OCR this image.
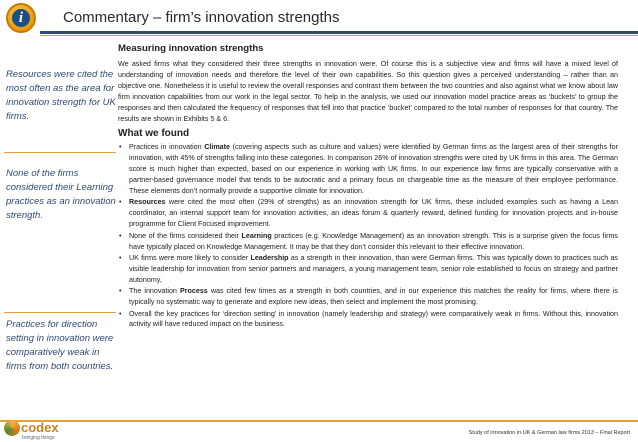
i	Commentary – firm’s innovation strengths
Resources were cited the most often as the area for innovation strength for UK firms.
None of the firms considered their Learning practices as an innovation strength.
Practices for direction setting in innovation were comparatively weak in firms from both countries.
Measuring innovation strengths
We asked firms what they considered their three strengths in innovation were. Of course this is a subjective view and firms will have a mixed level of understanding of innovation needs and therefore the level of their own capabilities. So this question gives a perceived understanding – rather than an objective one. Nonetheless it is useful to review the overall responses and contrast them between the two countries and also against what we know about law firm innovation capabilities from our work in the legal sector. To help in the analysis, we used our innovation model practice areas as ‘buckets’ to group the responses and then calculated the frequency of responses that fell into that practice ‘bucket’ compared to the total number of responses for that country. The results are shown in Exhibits 5 & 6.
What we found
• Practices in innovation Climate (covering aspects such as culture and values) were identified by German firms as the largest area of their strengths for innovation, with 45% of strengths falling into these categories. In comparison 26% of innovation strengths were cited by UK firms in this area. The German score is much higher than expected, based on our experience in working with UK firms. In our experience law firms are typically conservative with a partner-based governance model that tends to be autocratic and a primary focus on chargeable time as the measure of their employee performance. These elements don’t normally provide a supportive climate for innovation.
• Resources were cited the most often (29% of strengths) as an innovation strength for UK firms, these included examples such as having a Lean coordinator, an internal support team for innovation activities, an ideas forum & quarterly reward, defined funding for innovation projects and in-house programme for Client Focused improvement.
• None of the firms considered their Learning practices (e.g. Knowledge Management) as an innovation strength. This is a surprise given the focus firms have typically placed on Knowledge Management. It may be that they don’t consider this relevant to their effective innovation.
• UK firms were more likely to consider Leadership as a strength in their innovation, than were German firms. This was typically down to practices such as visible leadership for innovation from senior partners and managers, a young management team, senior role established to focus on strategy and partner autonomy,
• The innovation Process was cited few times as a strength in both countries, and in our experience this matches the reality for firms, where there is typically no systematic way to generate and explore new ideas, then select and implement the most promising.
• Overall the key practices for ‘direction setting’ in innovation (namely leadership and strategy) were comparatively weak in firms. Without this, innovation activity will have reduced impact on the business.
codex
bringing things
Study of innovation in UK & German law firms 2013 – Final Report
